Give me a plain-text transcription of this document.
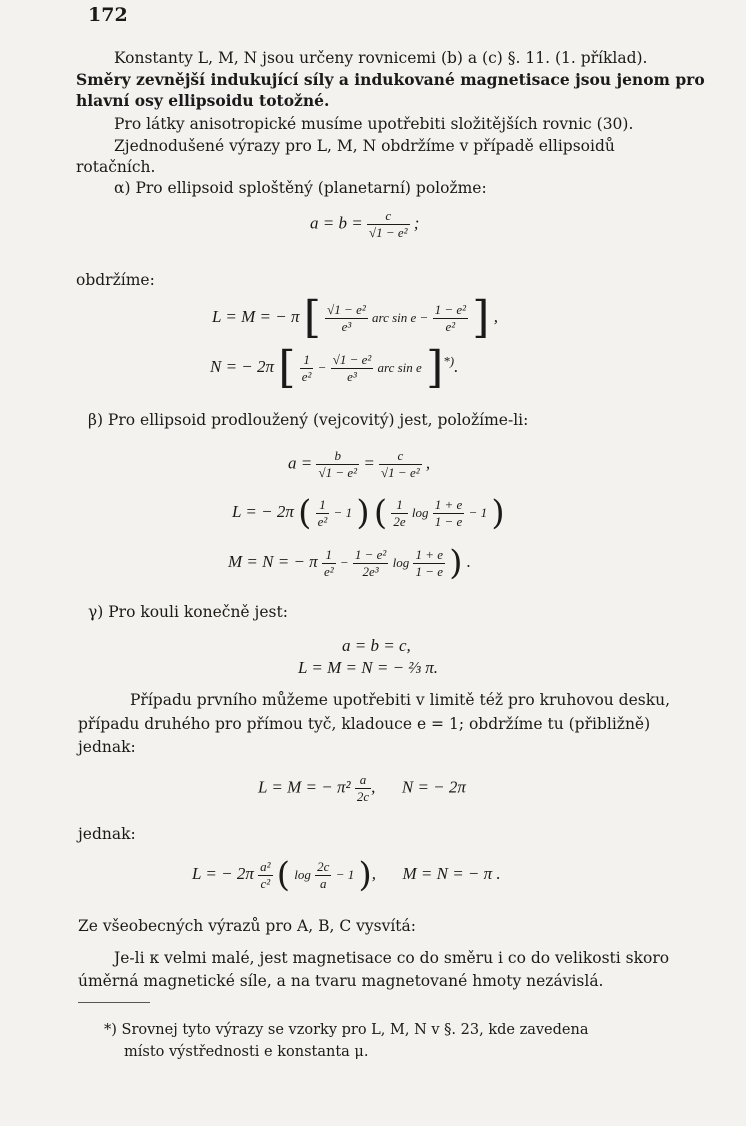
172
Konstanty L, M, N jsou určeny rovnicemi (b) a (c) §. 11. (1. příklad).
Směry zevnější indukující síly a indukované magnetisace jsou jenom pro
hlavní osy ellipsoidu totožné.
Pro látky anisotropické musíme upotřebiti složitějších rovnic (30).
Zjednodušené výrazy pro L, M, N obdržíme v případě ellipsoidů
rotačních.
α) Pro ellipsoid sploštěný (planetarní) položme:
$a = b = \frac{c}{\text{√1 − e²}}$ ;
obdržíme:
L = M = − π [ $\frac{\text{√1 − e²}}{\text{e³}}$ arc $\sin e - \frac{\text{1 − e²}}{\text{e²}}$ ] ,
N = − 2π [ $\frac{1}{\text{e²}} - \frac{\text{√1 − e²}}{\text{e³}}$ arc sin e ]*).
β) Pro ellipsoid prodloužený (vejcovitý) jest, položíme-li:
$a = \frac{b}{\text{√1 − e²}} = \frac{c}{\text{√1 − e²}}$ ,
L = − 2π ( $\frac{1}{\text{e²}} - 1$ ) ( $\frac{1}{2e}$ $\log \frac{1 + e}{1 - e} - 1$ )
M = N = − π $\frac{1}{\text{e²}} - \frac{\text{1 − e²}}{\text{2e³}}$ $\log \frac{1 + e}{1 - e}$ ) .
γ) Pro kouli konečně jest:
a = b = c,
L = M = N = − ⅔ π.
Případu prvního můžeme upotřebiti v limitě též pro kruhovou desku,
případu druhého pro přímou tyč, kladouce e = 1; obdržíme tu (přibližně)
jednak:
L = M = − $\pi^2 \frac{a}{2c}$ , N = − 2π
jednak:
L = − $2\pi \frac{\text{a²}}{\text{c²}}$ ( $\log \frac{2c}{a} - 1$ ),  M = N = − π .
Ze všeobecných výrazů pro A, B, C vysvítá:
Je-li κ velmi malé, jest magnetisace co do směru i co do velikosti skoro
úměrná magnetické síle, a na tvaru magnetované hmoty nezávislá.
*) Srovnej tyto výrazy se vzorky pro L, M, N v §. 23, kde zavedena
místo výstřednosti e konstanta μ.
